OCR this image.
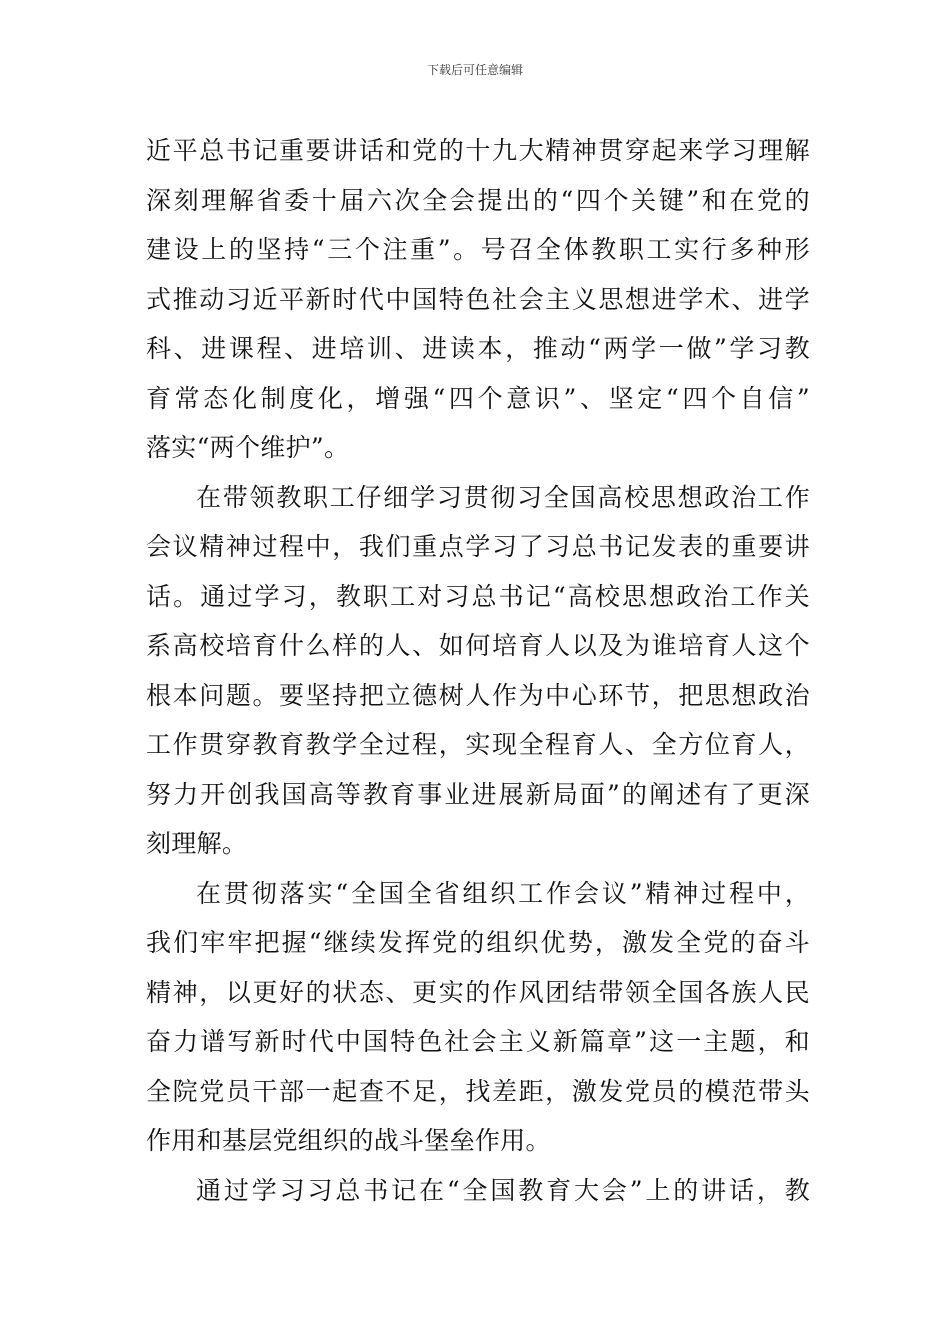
下载后可任意编辑
近平总书记重要讲话和党的十九大精神贯穿起来学习理解
深刻理解省委十届六次全会提出的“四个关键”和在党的
建设上的坚持“三个注重”。号召全体教职工实行多种形
式推动习近平新时代中国特色社会主义思想进学术、进学
科、进课程、进培训、进读本，推动“两学一做”学习教
育常态化制度化，增强“四个意识”、坚定“四个自信”
落实“两个维护”。
在带领教职工仔细学习贯彻习全国高校思想政治工作
会议精神过程中，我们重点学习了习总书记发表的重要讲
话。通过学习，教职工对习总书记“高校思想政治工作关
系高校培育什么样的人、如何培育人以及为谁培育人这个
根本问题。要坚持把立德树人作为中心环节，把思想政治
工作贯穿教育教学全过程，实现全程育人、全方位育人，
努力开创我国高等教育事业进展新局面”的阐述有了更深
刻理解。
在贯彻落实“全国全省组织工作会议”精神过程中，
我们牢牢把握“继续发挥党的组织优势，激发全党的奋斗
精神，以更好的状态、更实的作风团结带领全国各族人民
奋力谱写新时代中国特色社会主义新篇章”这一主题，和
全院党员干部一起查不足，找差距，激发党员的模范带头
作用和基层党组织的战斗堡垒作用。
通过学习习总书记在“全国教育大会”上的讲话，教
